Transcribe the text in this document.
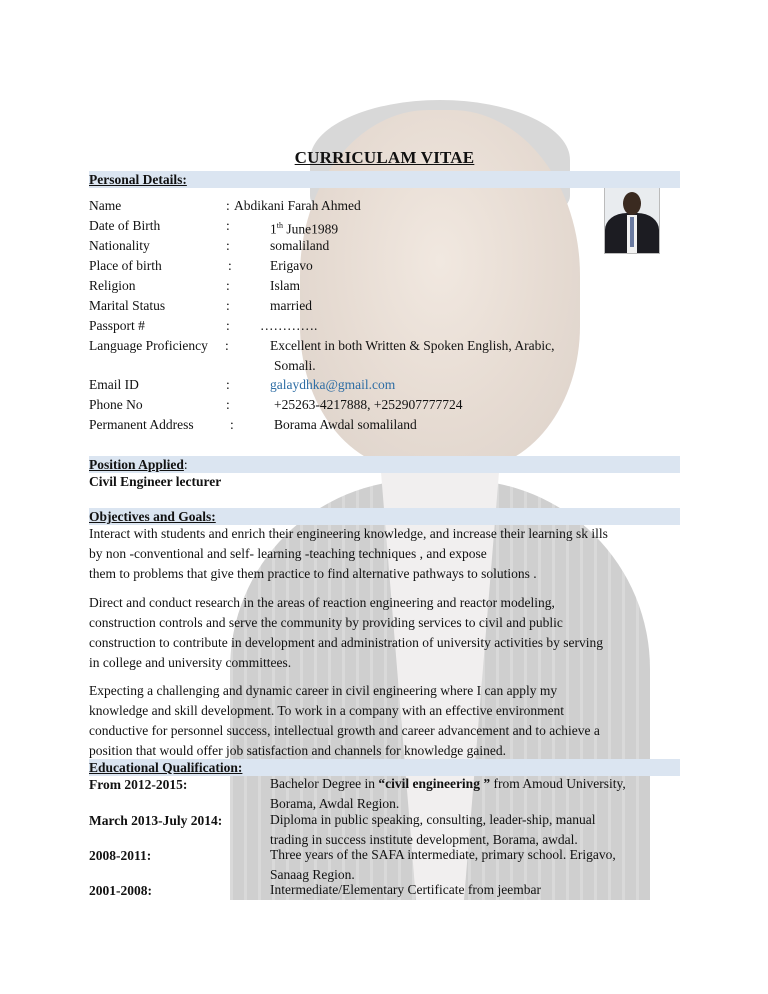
CURRICULAM VITAE
Personal Details:
Name	: Abdikani Farah Ahmed
Date of Birth	:	1th June1989
Nationality	:	somaliland
Place of birth	:	Erigavo
Religion	:	Islam
Marital Status	:	married
Passport #	: ………….
Language Proficiency :	Excellent in both Written & Spoken English, Arabic,
Somali.
Email ID	:	galaydhka@gmail.com
Phone No	:	+25263-4217888, +252907777724
Permanent Address	:	Borama Awdal somaliland
Position Applied:
Civil Engineer lecturer
Objectives and Goals:
Interact with students and enrich their engineering knowledge, and increase their learning sk ills
by non -conventional and self- learning -teaching techniques , and expose
them to problems that give them practice to find alternative pathways to solutions .
Direct and conduct research in the areas of reaction engineering and reactor modeling,
construction controls and serve the community by providing services to civil and public
construction to contribute in development and administration of university activities by serving
in college and university committees.
Expecting a challenging and dynamic career in civil engineering where I can apply my
knowledge and skill development. To work in a company with an effective environment
conductive for personnel success, intellectual growth and career advancement and to achieve a
position that would offer job satisfaction and channels for knowledge gained.
Educational Qualification:
From 2012-2015:	Bachelor Degree in “civil engineering ” from Amoud University,
Borama, Awdal Region.
March 2013-July 2014:	Diploma in public speaking, consulting, leader-ship, manual
trading in success institute development, Borama, awdal.
2008-2011:	Three years of the SAFA intermediate, primary school. Erigavo,
Sanaag Region.
2001-2008:	Intermediate/Elementary Certificate from jeembar
